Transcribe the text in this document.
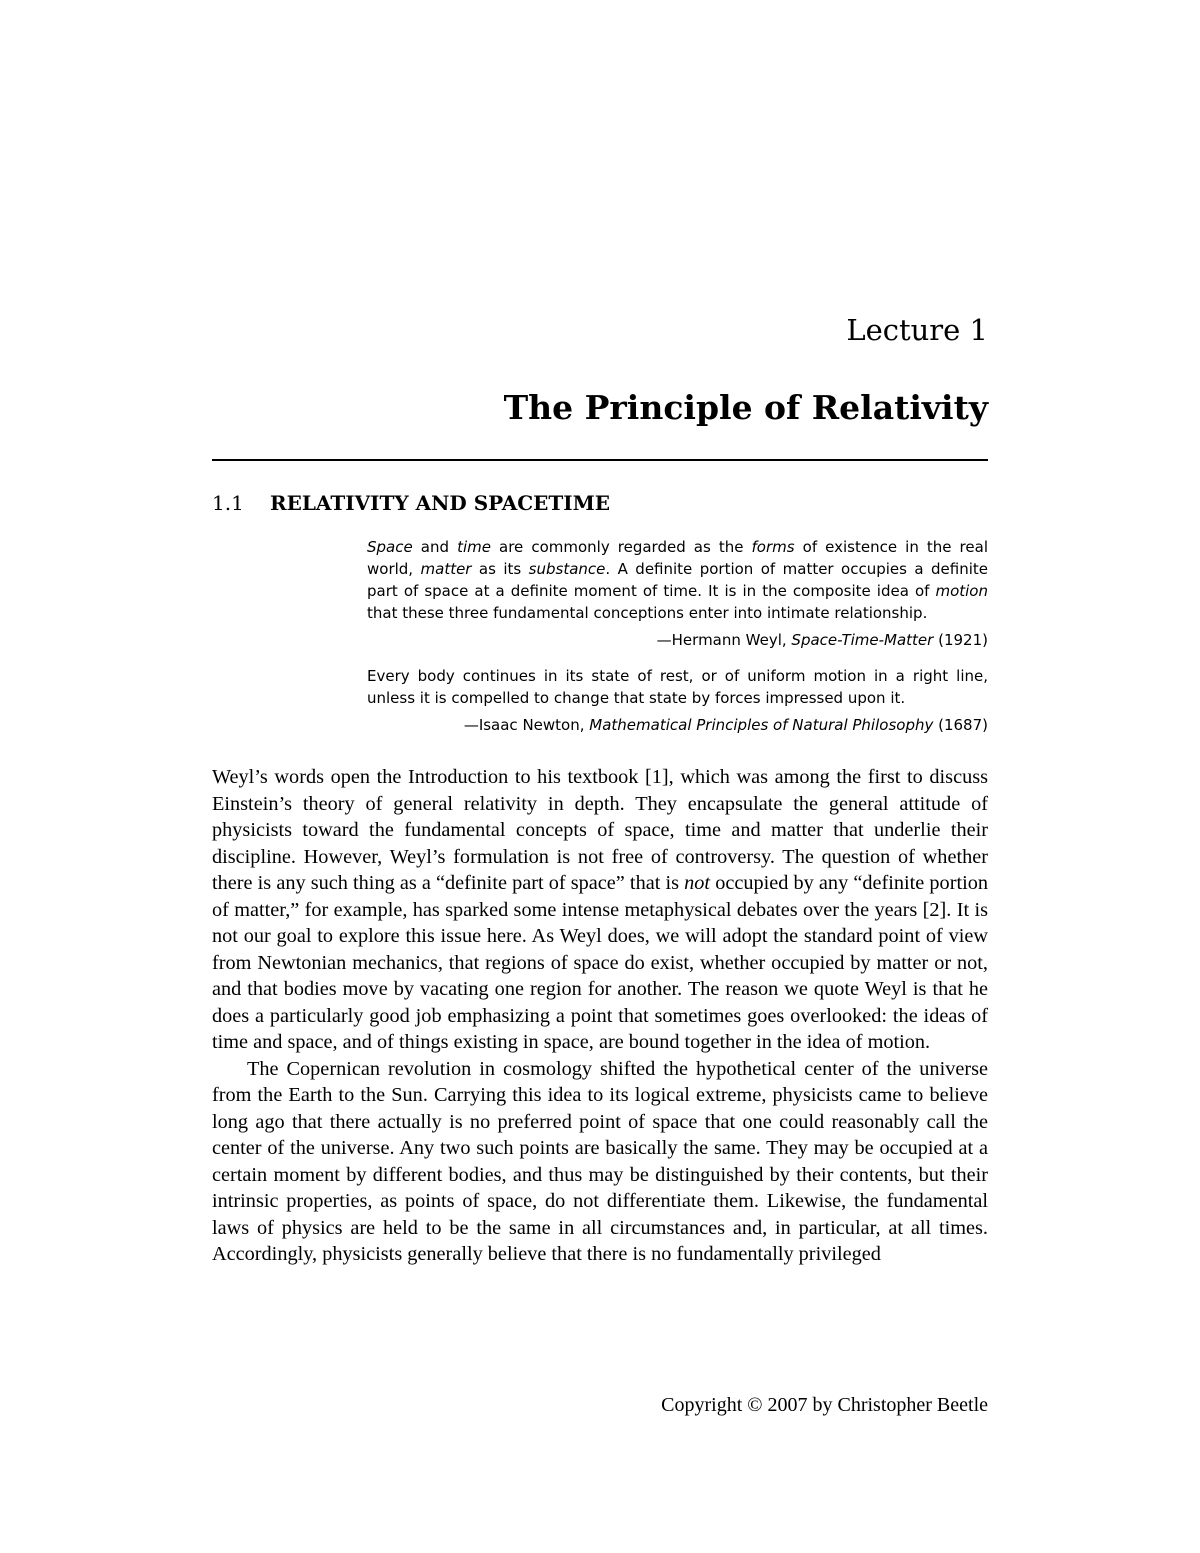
Lecture 1
The Principle of Relativity
1.1 RELATIVITY AND SPACETIME

Space and time are commonly regarded as the forms of existence in the real world, matter as its substance. A definite portion of matter occupies a definite part of space at a definite moment of time. It is in the composite idea of motion that these three fundamental conceptions enter into intimate relationship.

—Hermann Weyl, Space-Time-Matter (1921)

Every body continues in its state of rest, or of uniform motion in a right line, unless it is compelled to change that state by forces impressed upon it.

—Isaac Newton, Mathematical Principles of Natural Philosophy (1687)

Weyl’s words open the Introduction to his textbook [1], which was among the first to discuss Einstein’s theory of general relativity in depth. They encapsulate the general attitude of physicists toward the fundamental concepts of space, time and matter that underlie their discipline. However, Weyl’s formulation is not free of controversy. The question of whether there is any such thing as a “definite part of space” that is not occupied by any “definite portion of matter,” for example, has sparked some intense metaphysical debates over the years [2]. It is not our goal to explore this issue here. As Weyl does, we will adopt the standard point of view from Newtonian mechanics, that regions of space do exist, whether occupied by matter or not, and that bodies move by vacating one region for another. The reason we quote Weyl is that he does a particularly good job emphasizing a point that sometimes goes overlooked: the ideas of time and space, and of things existing in space, are bound together in the idea of motion.

The Copernican revolution in cosmology shifted the hypothetical center of the universe from the Earth to the Sun. Carrying this idea to its logical extreme, physicists came to believe long ago that there actually is no preferred point of space that one could reasonably call the center of the universe. Any two such points are basically the same. They may be occupied at a certain moment by different bodies, and thus may be distinguished by their contents, but their intrinsic properties, as points of space, do not differentiate them. Likewise, the fundamental laws of physics are held to be the same in all circumstances and, in particular, at all times. Accordingly, physicists generally believe that there is no fundamentally privileged

Copyright © 2007 by Christopher Beetle
